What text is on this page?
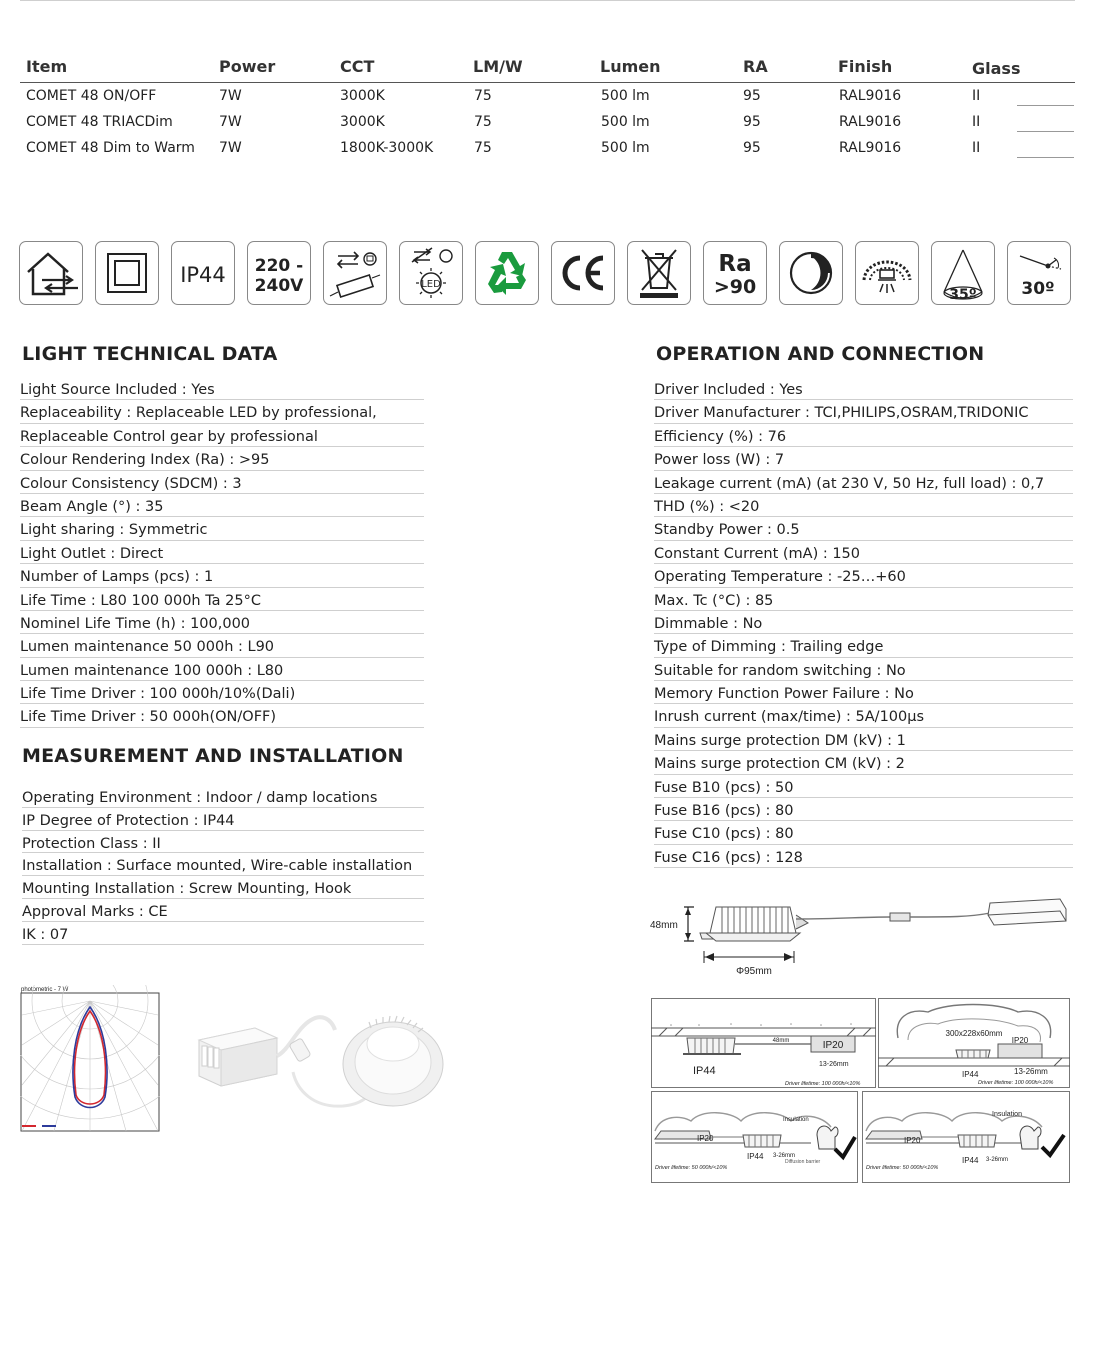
Item	Power	CCT	LM/W	Lumen	RA	Finish	Glass
COMET 48 ON/OFF	7W	3000K	75	500 lm	95	RAL9016	II
COMET 48 TRIACDim	7W	3000K	75	500 lm	95	RAL9016	II
COMET 48 Dim to Warm 7W	1800K-3000K	75	500 lm	95	RAL9016	II
IP44 220 -
240V	LED
Ra
>90	35º	30º
LIGHT TECHNICAL DATA
Light Source Included : Yes
Replaceability : Replaceable LED by professional,
Replaceable Control gear by professional
Colour Rendering Index (Ra) : >95
Colour Consistency (SDCM) : 3
Beam Angle (°) : 35
Light sharing : Symmetric
Light Outlet : Direct
Number of Lamps (pcs) : 1
Life Time : L80 100 000h Ta 25°C
Nominel Life Time (h) : 100,000
Lumen maintenance 50 000h : L90
Lumen maintenance 100 000h : L80
Life Time Driver : 100 000h/10%(Dali)
Life Time Driver : 50 000h(ON/OFF)
MEASUREMENT AND INSTALLATION
Operating Environment : Indoor / damp locations
IP Degree of Protection : IP44
Protection Class : II
Installation : Surface mounted, Wire-cable installation
Mounting Installation : Screw Mounting, Hook
Approval Marks : CE
IK : 07
OPERATION AND CONNECTION
Driver Included : Yes
Driver Manufacturer : TCI,PHILIPS,OSRAM,TRIDONIC
Efficiency (%) : 76
Power loss (W) : 7
Leakage current (mA) (at 230 V, 50 Hz, full load) : 0,7
THD (%) : <20
Standby Power : 0.5
Constant Current (mA) : 150
Operating Temperature : -25…+60
Max. Tc (°C) : 85
Dimmable : No
Type of Dimming : Trailing edge
Suitable for random switching : No
Memory Function Power Failure : No
Inrush current (max/time) : 5A/100μs
Mains surge protection DM (kV) : 1
Mains surge protection CM (kV) : 2
Fuse B10 (pcs) : 50
Fuse B16 (pcs) : 80
Fuse C10 (pcs) : 80
Fuse C16 (pcs) : 128
photometric - 7 W
48mm
Φ95mm
IP20
48mm
IP44
13-26mm
Driver lifetime: 100 000h/<10%
300x228x60mm
IP20
IP44	13-26mm
Driver lifetime: 100 000h/<10%
IP20
Insulation
IP44 3-26mm
Diffusion barrier
Driver lifetime: 50 000h/<10%
IP20
Insulation
IP44 3-26mm
Driver lifetime: 50 000h/<10%
